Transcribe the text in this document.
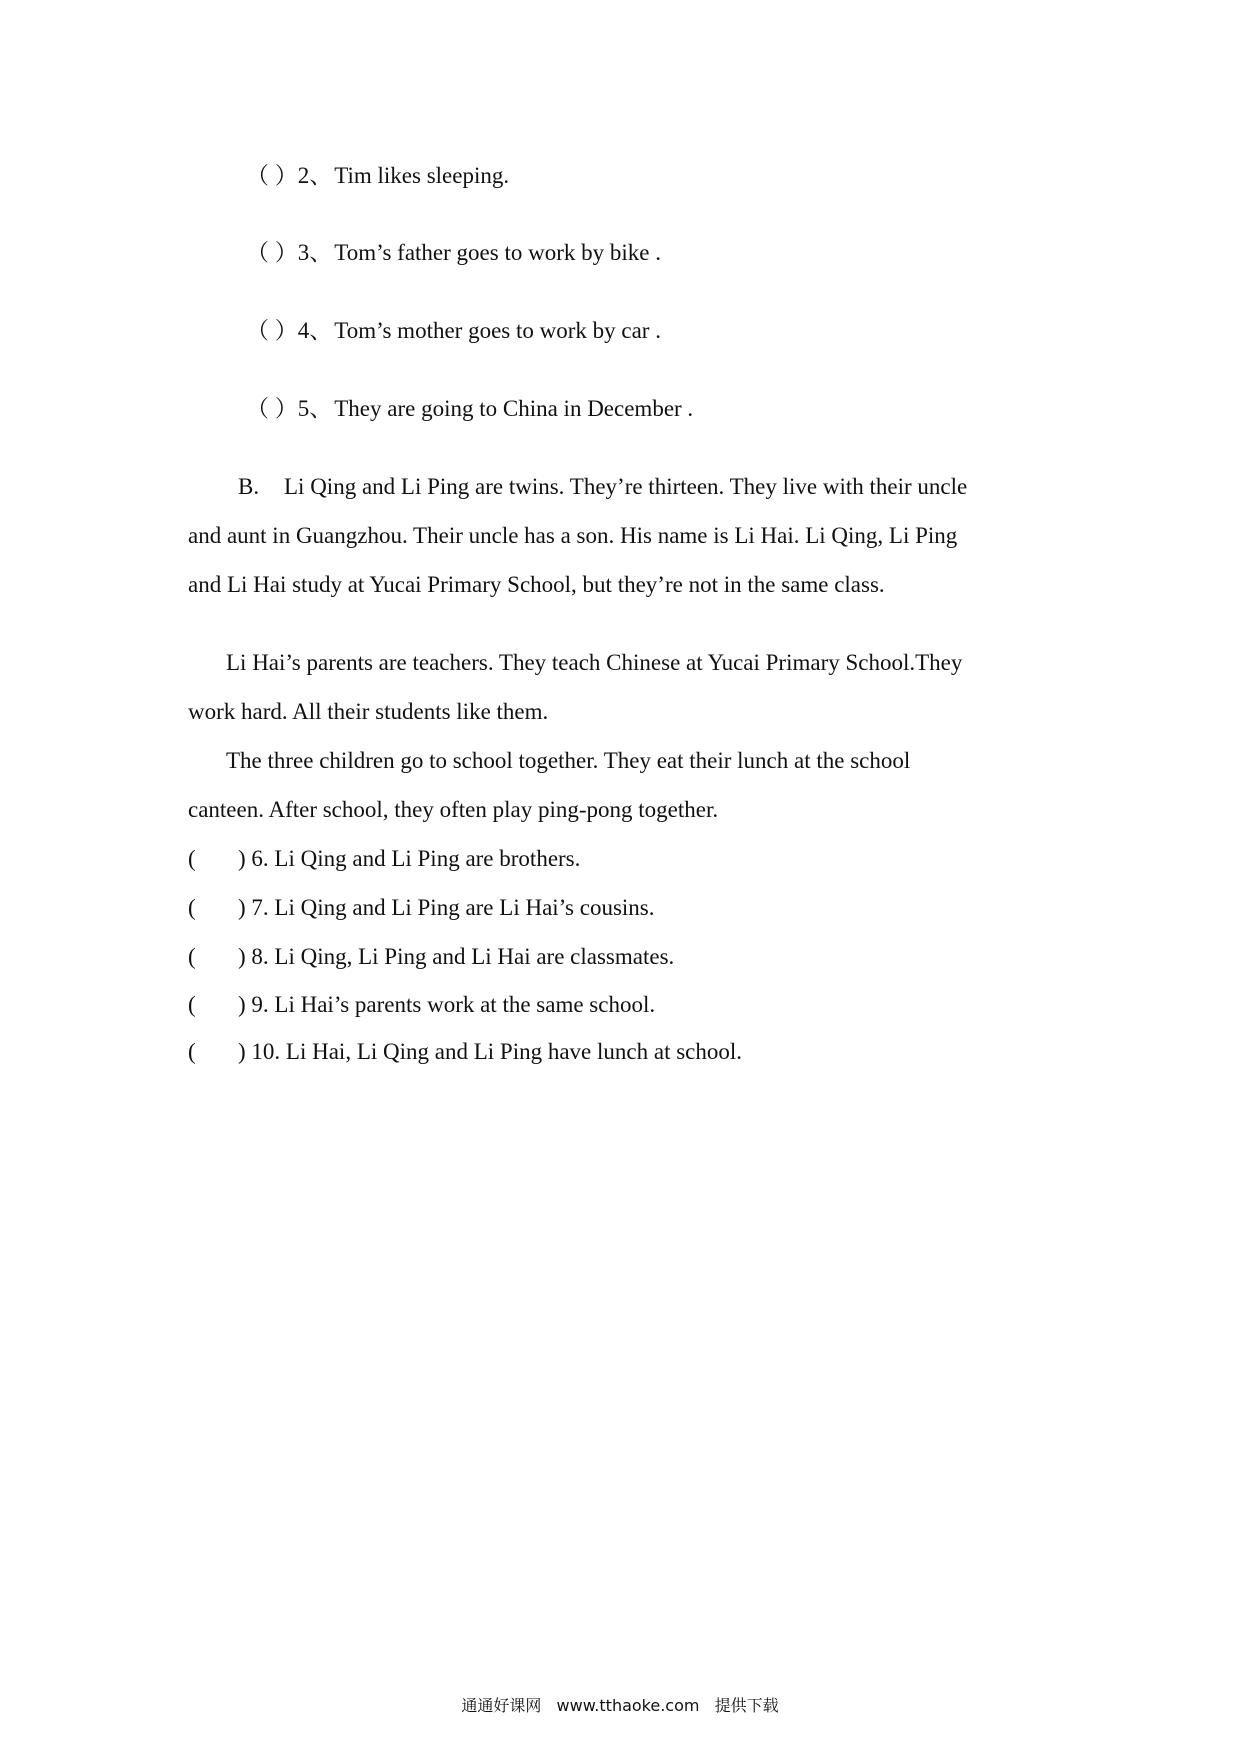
（ ）2、Tim likes sleeping.
（ ）3、Tom’s father goes to work by bike .
（ ）4、Tom’s mother goes to work by car .
（ ）5、They are going to China in December .
B. Li Qing and Li Ping are twins. They’re thirteen. They live with their uncle
and aunt in Guangzhou. Their uncle has a son. His name is Li Hai. Li Qing, Li Ping
and Li Hai study at Yucai Primary School, but they’re not in the same class.
Li Hai’s parents are teachers. They teach Chinese at Yucai Primary School.They
work hard. All their students like them.
The three children go to school together. They eat their lunch at the school
canteen. After school, they often play ping-pong together.
( ) 6. Li Qing and Li Ping are brothers.
( ) 7. Li Qing and Li Ping are Li Hai’s cousins.
( ) 8. Li Qing, Li Ping and Li Hai are classmates.
( ) 9. Li Hai’s parents work at the same school.
( ) 10. Li Hai, Li Qing and Li Ping have lunch at school.
通通好课网 www.tthaoke.com 提供下载
